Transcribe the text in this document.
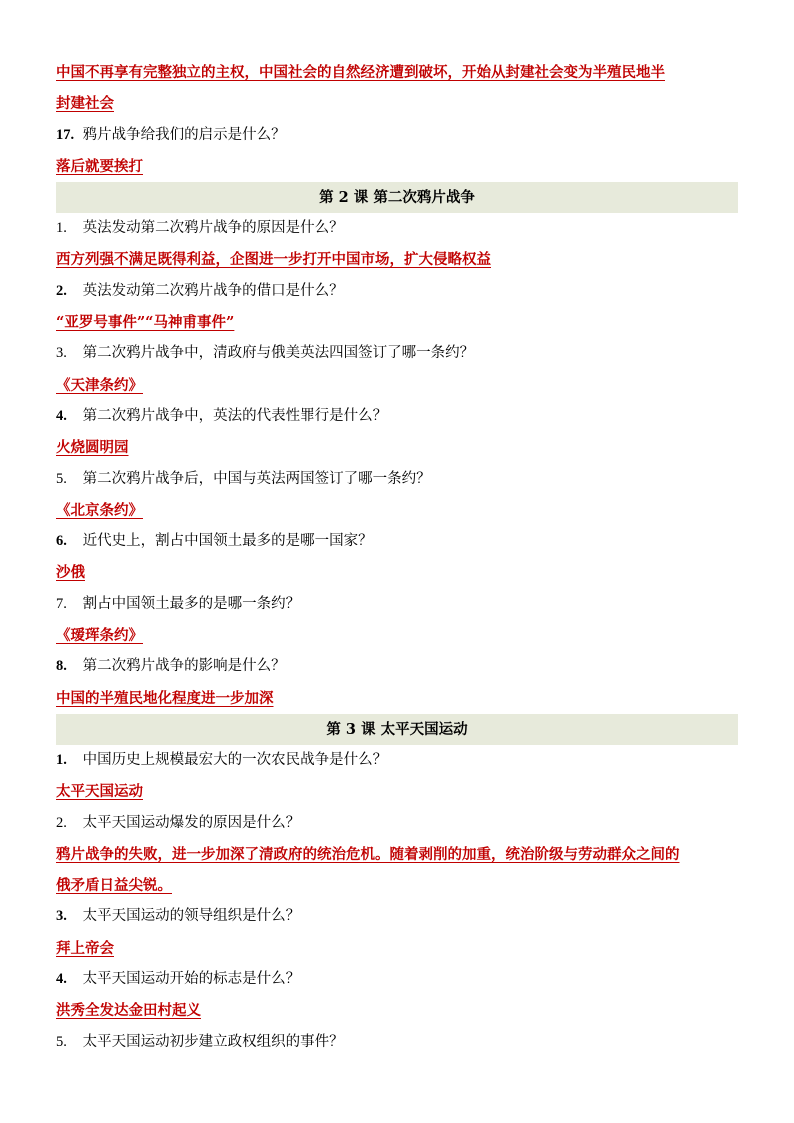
中国不再享有完整独立的主权，中国社会的自然经济遭到破坏，开始从封建社会变为半殖民地半
封建社会
17. 鸦片战争给我们的启示是什么？
落后就要挨打
第 2 课 第二次鸦片战争
1. 英法发动第二次鸦片战争的原因是什么？
西方列强不满足既得利益，企图进一步打开中国市场，扩大侵略权益
2. 英法发动第二次鸦片战争的借口是什么？
“亚罗号事件”“马神甫事件”
3. 第二次鸦片战争中，清政府与俄美英法四国签订了哪一条约？
《天津条约》
4. 第二次鸦片战争中，英法的代表性罪行是什么？
火烧圆明园
5. 第二次鸦片战争后，中国与英法两国签订了哪一条约？
《北京条约》
6. 近代史上，割占中国领土最多的是哪一国家？
沙俄
7. 割占中国领土最多的是哪一条约？
《瑷珲条约》
8. 第二次鸦片战争的影响是什么？
中国的半殖民地化程度进一步加深
第 3 课 太平天国运动
1. 中国历史上规模最宏大的一次农民战争是什么？
太平天国运动
2. 太平天国运动爆发的原因是什么？
鸦片战争的失败，进一步加深了清政府的统治危机。随着剥削的加重，统治阶级与劳动群众之间的
俄矛盾日益尖锐。
3. 太平天国运动的领导组织是什么？
拜上帝会
4. 太平天国运动开始的标志是什么？
洪秀全发达金田村起义
5. 太平天国运动初步建立政权组织的事件？
